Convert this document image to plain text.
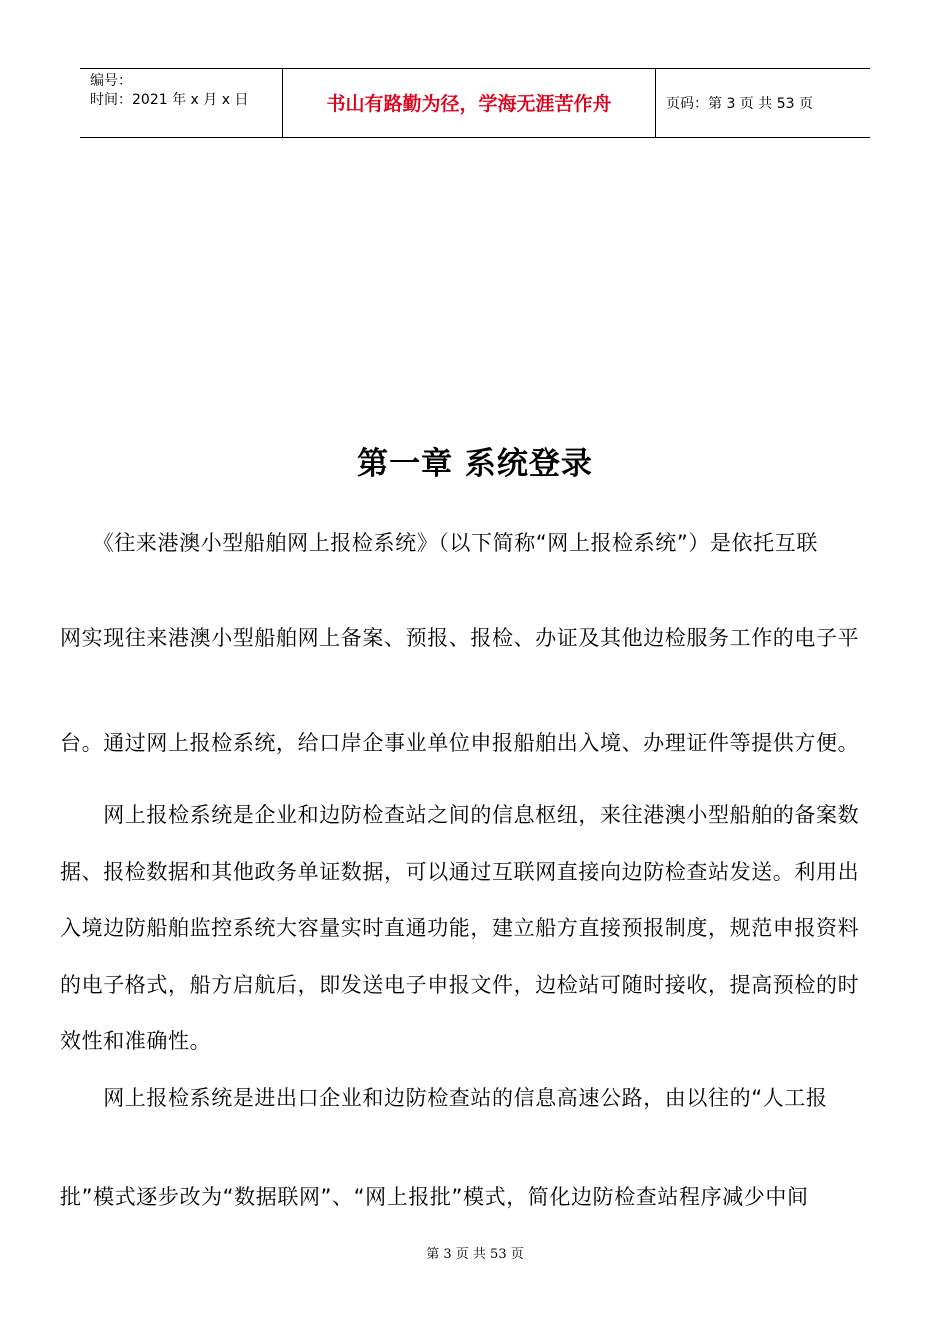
编号：
时间：2021 年 x 月 x 日	书山有路勤为径，学海无涯苦作舟	页码：第 3 页 共 53 页
第一章 系统登录
　　《往来港澳小型船舶网上报检系统》（以下简称“网上报检系统”）是依托互联
网实现往来港澳小型船舶网上备案、预报、报检、办证及其他边检服务工作的电子平
台。通过网上报检系统，给口岸企事业单位申报船舶出入境、办理证件等提供方便。
　　网上报检系统是企业和边防检查站之间的信息枢纽，来往港澳小型船舶的备案数
据、报检数据和其他政务单证数据，可以通过互联网直接向边防检查站发送。利用出
入境边防船舶监控系统大容量实时直通功能，建立船方直接预报制度，规范申报资料
的电子格式，船方启航后，即发送电子申报文件，边检站可随时接收，提高预检的时
效性和准确性。
　　网上报检系统是进出口企业和边防检查站的信息高速公路，由以往的“人工报
批”模式逐步改为“数据联网”、“网上报批”模式，简化边防检查站程序减少中间
第 3 页 共 53 页
